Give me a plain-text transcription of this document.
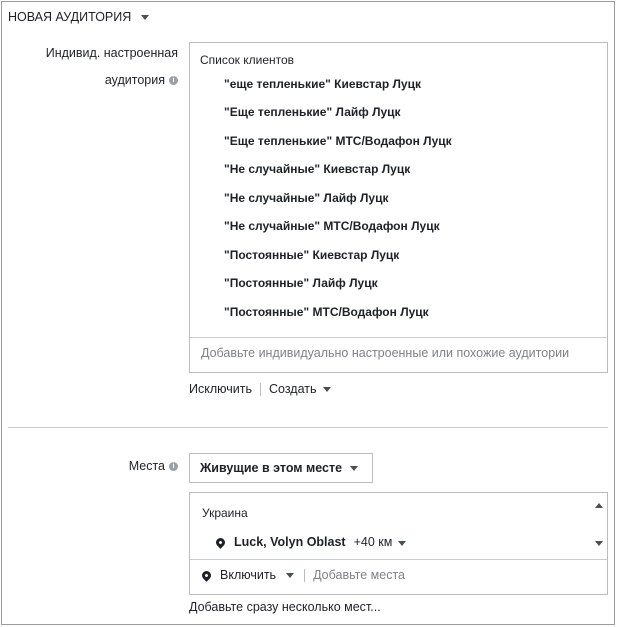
НОВАЯ АУДИТОРИЯ
Индивид. настроенная
аудитория i
Список клиентов
"еще тепленькие" Киевстар Луцк
"Еще тепленькие" Лайф Луцк
"Еще тепленькие" МТС/Водафон Луцк
"Не случайные" Киевстар Луцк
"Не случайные" Лайф Луцк
"Не случайные" МТС/Водафон Луцк
"Постоянные" Киевстар Луцк
"Постоянные" Лайф Луцк
"Постоянные" МТС/Водафон Луцк
Добавьте индивидуально настроенные или похожие аудитории
Исключить Создать
Места i Живущие в этом месте
Украина
Luck, Volyn Oblast +40 км
Включить	Добавьте места
Добавьте сразу несколько мест...
